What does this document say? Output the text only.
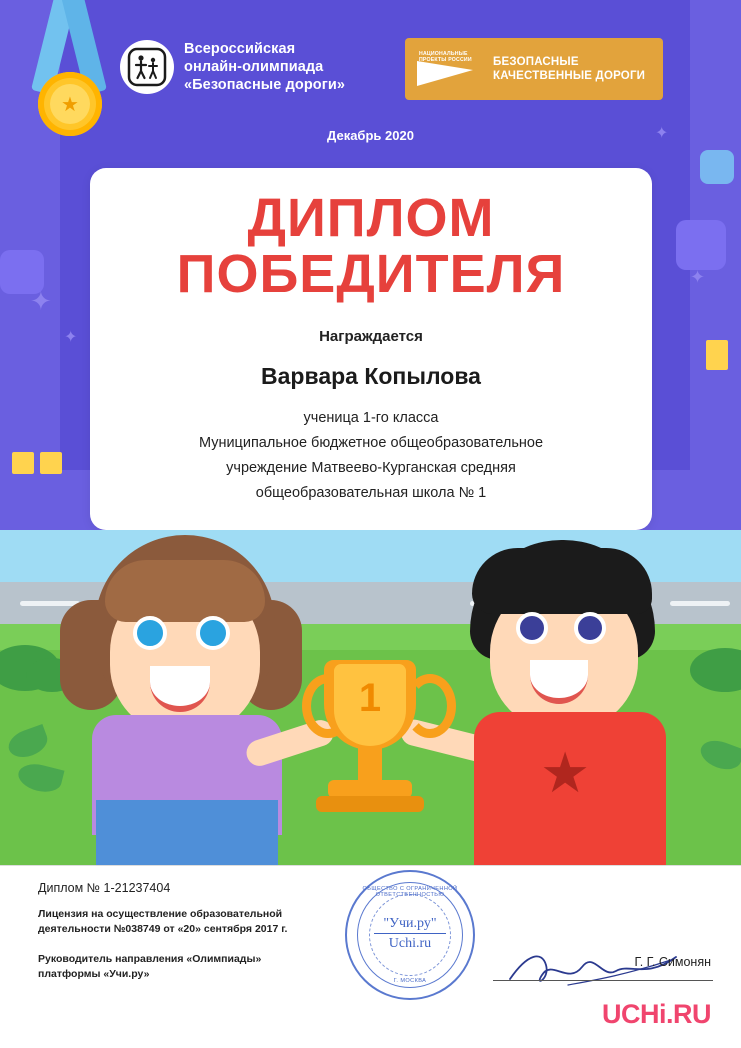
✦
✦
✦
✦
★
Всероссийская
онлайн-олимпиада
«Безопасные дороги»
НАЦИОНАЛЬНЫЕ ПРОЕКТЫ РОССИИ	БЕЗОПАСНЫЕ
КАЧЕСТВЕННЫЕ ДОРОГИ
Декабрь 2020
ДИПЛОМ
ПОБЕДИТЕЛЯ
Награждается
Варвара Копылова
ученица 1-го класса
Муниципальное бюджетное общеобразовательное
учреждение Матвеево-Курганская средняя
общеобразовательная школа № 1
★
1
Диплом № 1-21237404
Лицензия на осуществление образовательной
деятельности №038749 от «20» сентября 2017 г.
Руководитель направления «Олимпиады»
платформы «Учи.ру»
ОБЩЕСТВО С ОГРАНИЧЕННОЙ ОТВЕТСТВЕННОСТЬЮ
"Учи.ру"
Uchi.ru
Г. МОСКВА
Г. Г. Симонян
UCHi.RU
